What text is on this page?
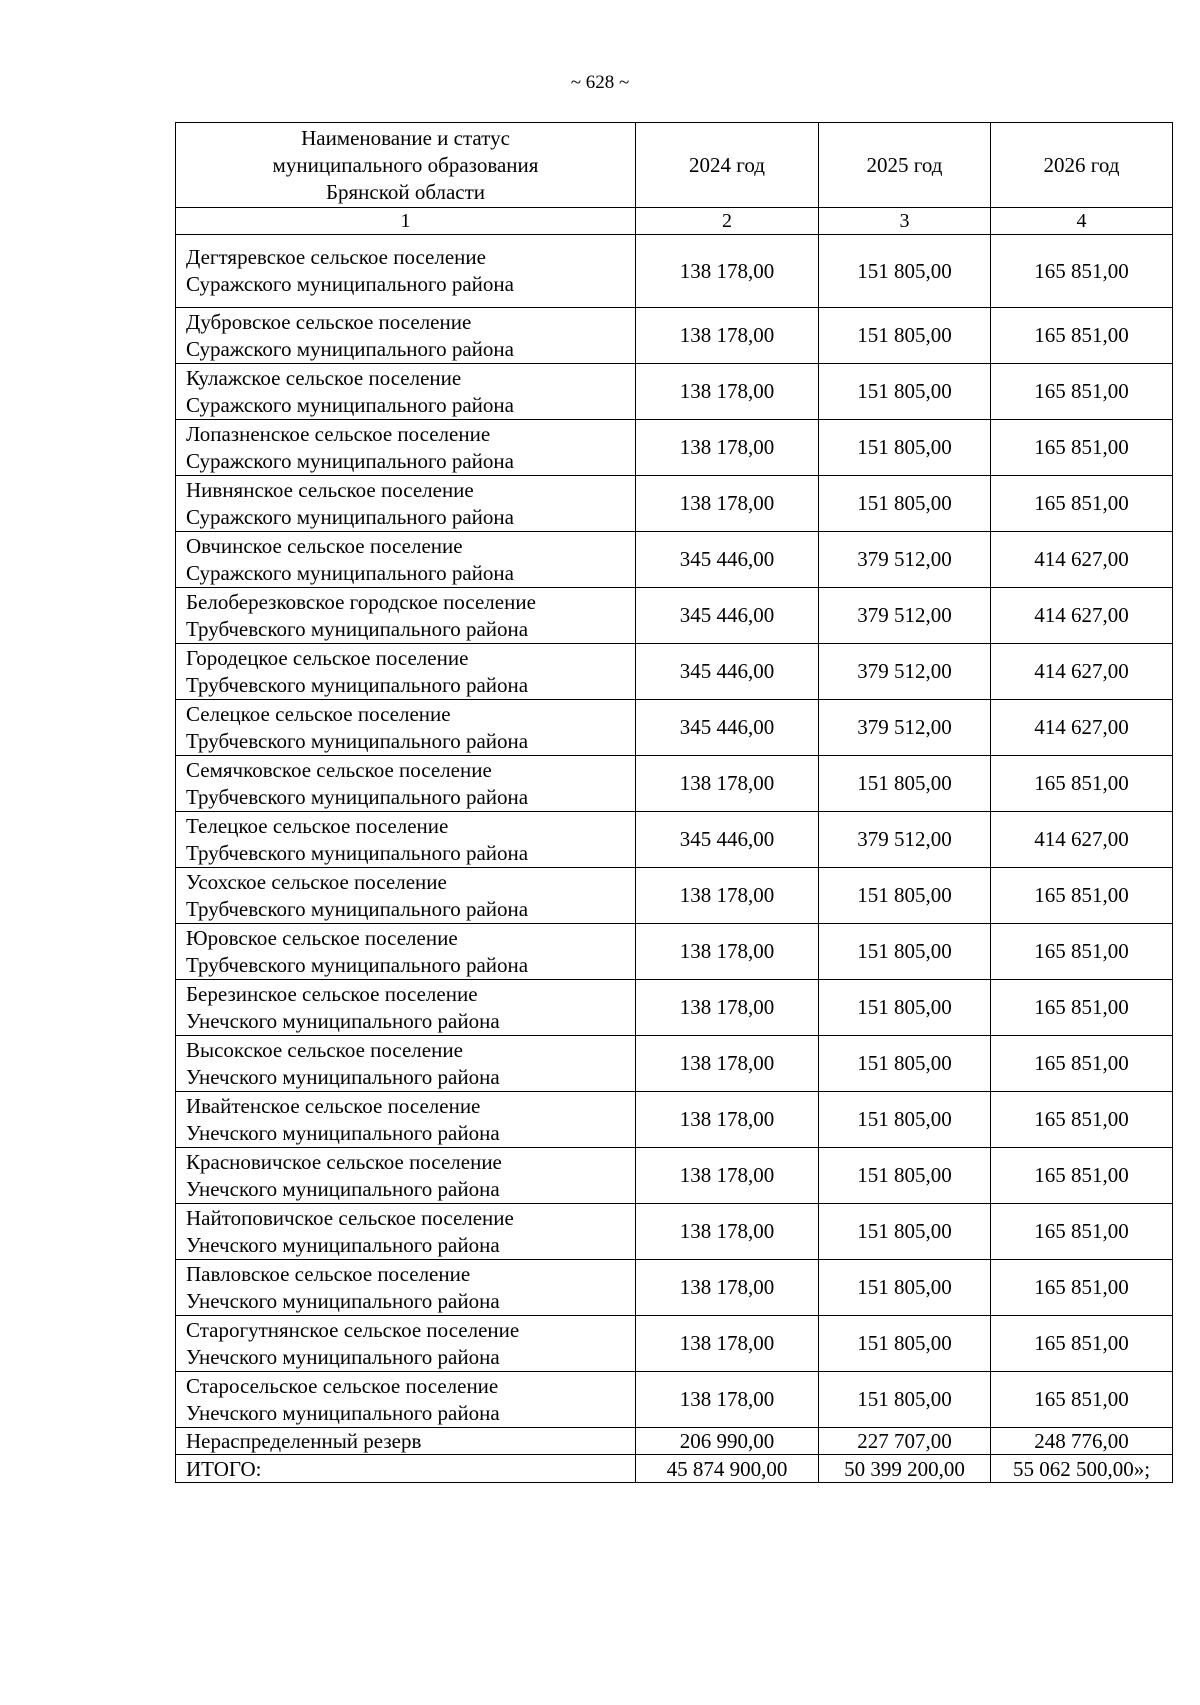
~ 628 ~
Наименование и статус
муниципального образования
Брянской области	2024 год	2025 год	2026 год
1	2	3	4

Дегтяревское сельское поселение
Суражского муниципального района	138 178,00	151 805,00	165 851,00

Дубровское сельское поселение
Суражского муниципального района	138 178,00	151 805,00	165 851,00

Кулажское сельское поселение
Суражского муниципального района	138 178,00	151 805,00	165 851,00

Лопазненское сельское поселение
Суражского муниципального района	138 178,00	151 805,00	165 851,00

Нивнянское сельское поселение
Суражского муниципального района	138 178,00	151 805,00	165 851,00

Овчинское сельское поселение
Суражского муниципального района	345 446,00	379 512,00	414 627,00

Белоберезковское городское поселение
Трубчевского муниципального района	345 446,00	379 512,00	414 627,00

Городецкое сельское поселение
Трубчевского муниципального района	345 446,00	379 512,00	414 627,00

Селецкое сельское поселение
Трубчевского муниципального района	345 446,00	379 512,00	414 627,00

Семячковское сельское поселение
Трубчевского муниципального района	138 178,00	151 805,00	165 851,00

Телецкое сельское поселение
Трубчевского муниципального района	345 446,00	379 512,00	414 627,00

Усохское сельское поселение
Трубчевского муниципального района	138 178,00	151 805,00	165 851,00

Юровское сельское поселение
Трубчевского муниципального района	138 178,00	151 805,00	165 851,00

Березинское сельское поселение
Унечского муниципального района	138 178,00	151 805,00	165 851,00

Высокское сельское поселение
Унечского муниципального района	138 178,00	151 805,00	165 851,00

Ивайтенское сельское поселение
Унечского муниципального района	138 178,00	151 805,00	165 851,00

Красновичское сельское поселение
Унечского муниципального района	138 178,00	151 805,00	165 851,00

Найтоповичское сельское поселение
Унечского муниципального района	138 178,00	151 805,00	165 851,00

Павловское сельское поселение
Унечского муниципального района	138 178,00	151 805,00	165 851,00

Старогутнянское сельское поселение
Унечского муниципального района	138 178,00	151 805,00	165 851,00

Старосельское сельское поселение
Унечского муниципального района	138 178,00	151 805,00	165 851,00
Нераспределенный резерв	206 990,00	227 707,00	248 776,00
ИТОГО:	45 874 900,00	50 399 200,00	55 062 500,00»;
